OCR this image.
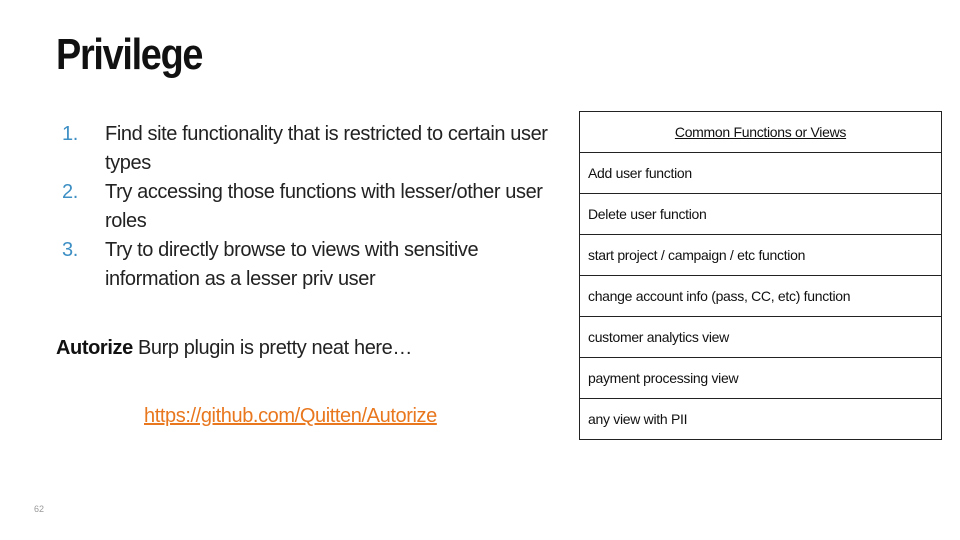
Privilege
1. Find site functionality that is restricted to certain user types
2. Try accessing those functions with lesser/other user roles
3. Try to directly browse to views with sensitive information as a lesser priv user

Autorize Burp plugin is pretty neat here…

https://github.com/Quitten/Autorize
Common Functions or Views
Add user function
Delete user function
start project / campaign / etc function
change account info (pass, CC, etc) function
customer analytics view
payment processing view
any view with PII
62
